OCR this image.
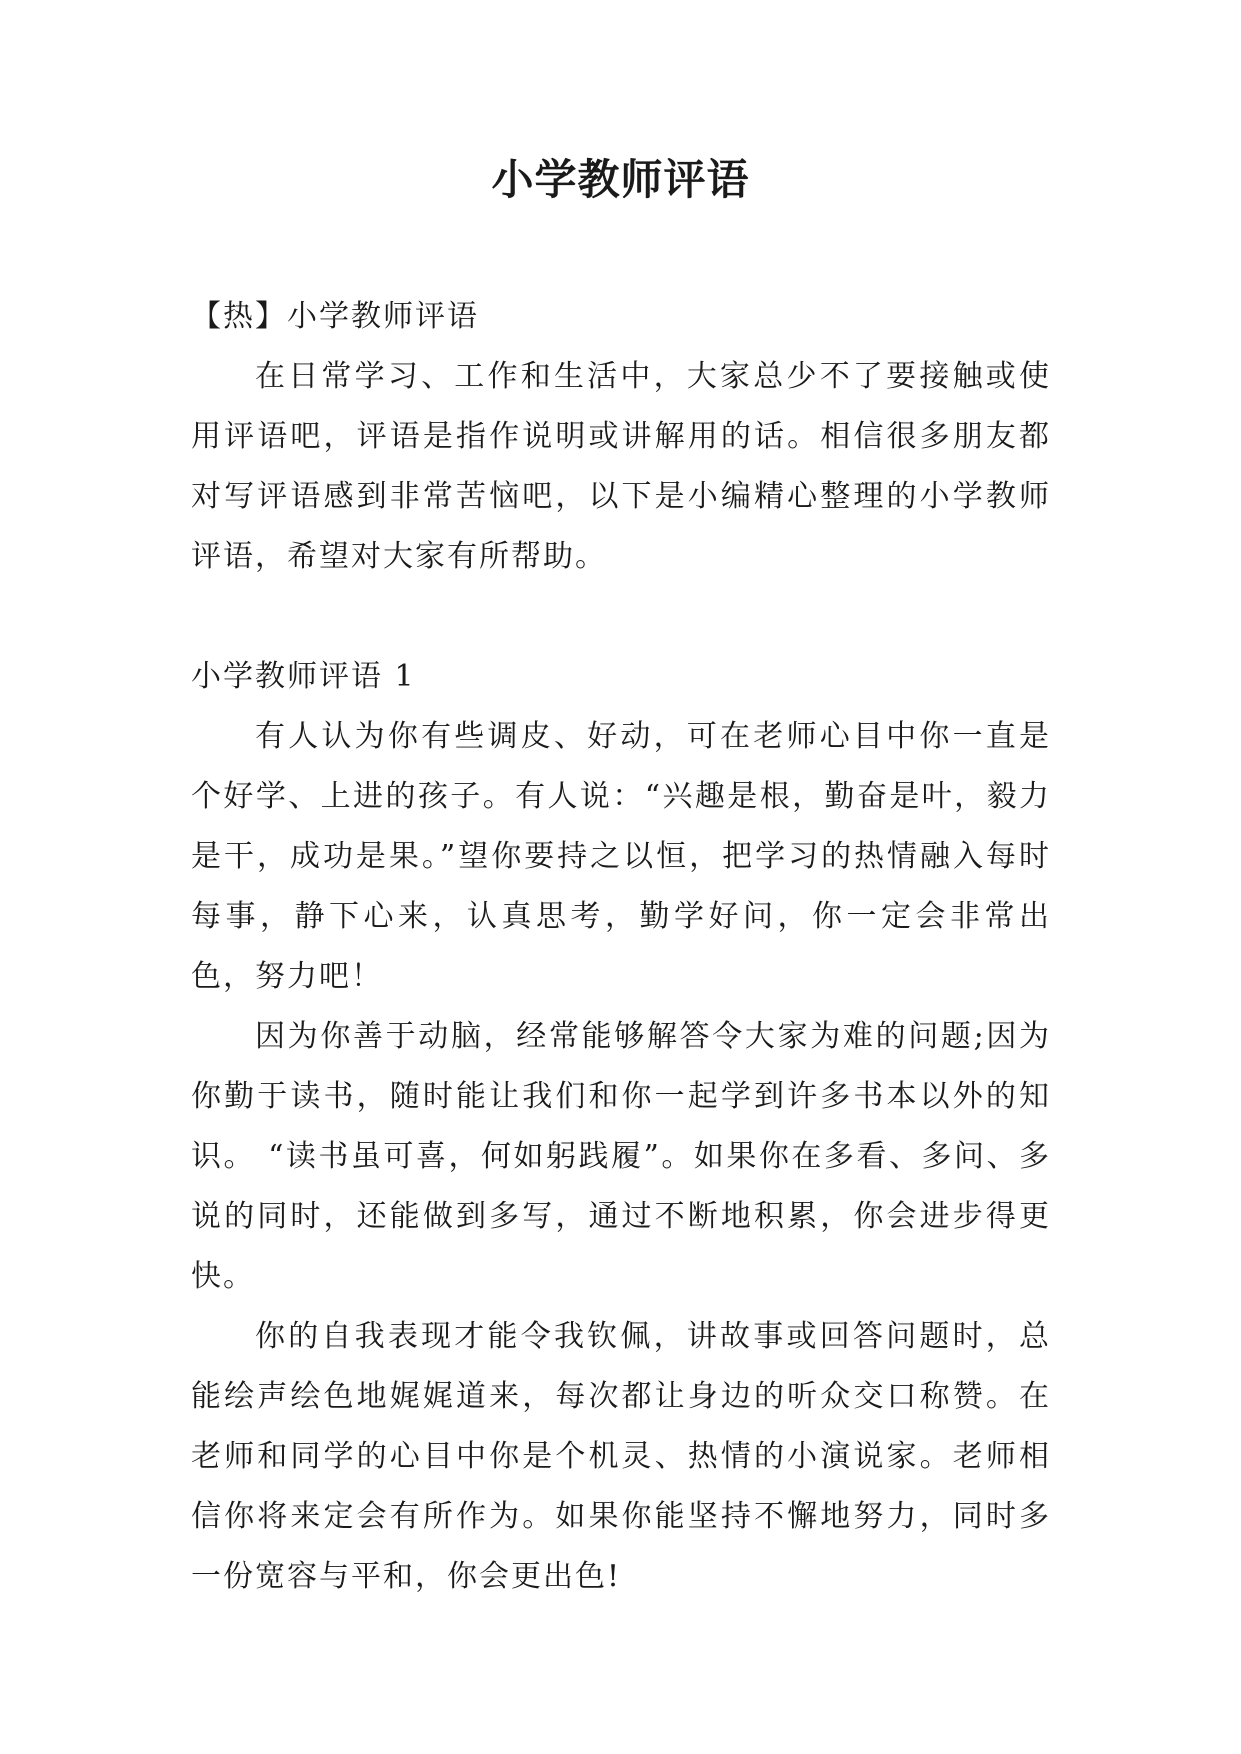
小学教师评语

【热】小学教师评语

在日常学习、工作和生活中，大家总少不了要接触或使用评语吧，评语是指作说明或讲解用的话。相信很多朋友都对写评语感到非常苦恼吧，以下是小编精心整理的小学教师评语，希望对大家有所帮助。

小学教师评语 1

有人认为你有些调皮、好动，可在老师心目中你一直是个好学、上进的孩子。有人说：“兴趣是根，勤奋是叶，毅力是干，成功是果。”望你要持之以恒，把学习的热情融入每时每事，静下心来，认真思考，勤学好问，你一定会非常出色，努力吧！

因为你善于动脑，经常能够解答令大家为难的问题;因为你勤于读书，随时能让我们和你一起学到许多书本以外的知识。 “读书虽可喜，何如躬践履”。如果你在多看、多问、多说的同时，还能做到多写，通过不断地积累，你会进步得更快。

你的自我表现才能令我钦佩，讲故事或回答问题时，总能绘声绘色地娓娓道来，每次都让身边的听众交口称赞。在老师和同学的心目中你是个机灵、热情的小演说家。老师相信你将来定会有所作为。如果你能坚持不懈地努力，同时多一份宽容与平和，你会更出色!
